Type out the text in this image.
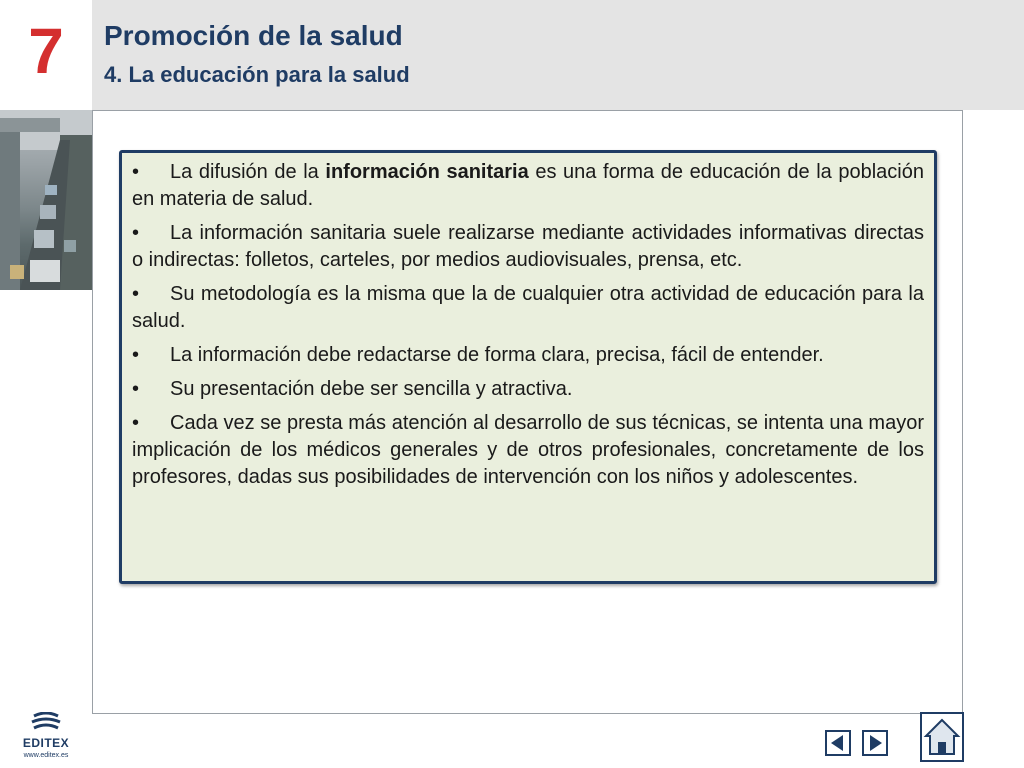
7	Promoción de la salud
4. La educación para la salud

• La difusión de la información sanitaria es una forma de educación de la población en materia de salud.

• La información sanitaria suele realizarse mediante actividades informativas directas o indirectas: folletos, carteles, por medios audiovisuales, prensa, etc.

• Su metodología es la misma que la de cualquier otra actividad de educación para la salud.

• La información debe redactarse de forma clara, precisa, fácil de entender.

• Su presentación debe ser sencilla y atractiva.

• Cada vez se presta más atención al desarrollo de sus técnicas, se intenta una mayor implicación de los médicos generales y de otros profesionales, concretamente de los profesores, dadas sus posibilidades de intervención con los niños y adolescentes.

EDITEX
www.editex.es
